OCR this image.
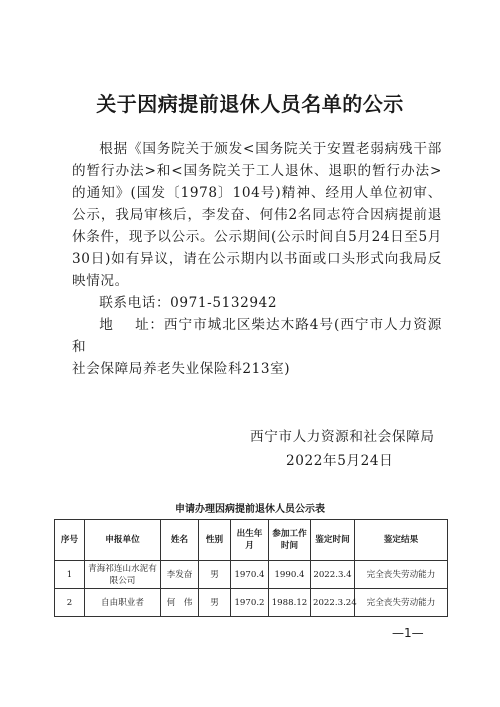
关于因病提前退休人员名单的公示

根据《国务院关于颁发<国务院关于安置老弱病残干部的暂行办法>和<国务院关于工人退休、退职的暂行办法>的通知》(国发〔1978〕104号)精神、经用人单位初审、公示，我局审核后，李发奋、何伟2名同志符合因病提前退休条件，现予以公示。公示期间(公示时间自5月24日至5月30日)如有异议，请在公示期内以书面或口头形式向我局反映情况。

联系电话：0971-5132942

地 址：西宁市城北区柴达木路4号(西宁市人力资源和

社会保障局养老失业保险科213室)

西宁市人力资源和社会保障局
2022年5月24日
申请办理因病提前退休人员公示表
序号	申报单位	姓名	性别	出生年月	参加工作时间	鉴定时间	鉴定结果
1	青海祁连山水泥有限公司	李发奋	男	1970.4	1990.4	2022.3.4	完全丧失劳动能力
2	自由职业者	何　伟	男	1970.2	1988.12	2022.3.24	完全丧失劳动能力
—1—
